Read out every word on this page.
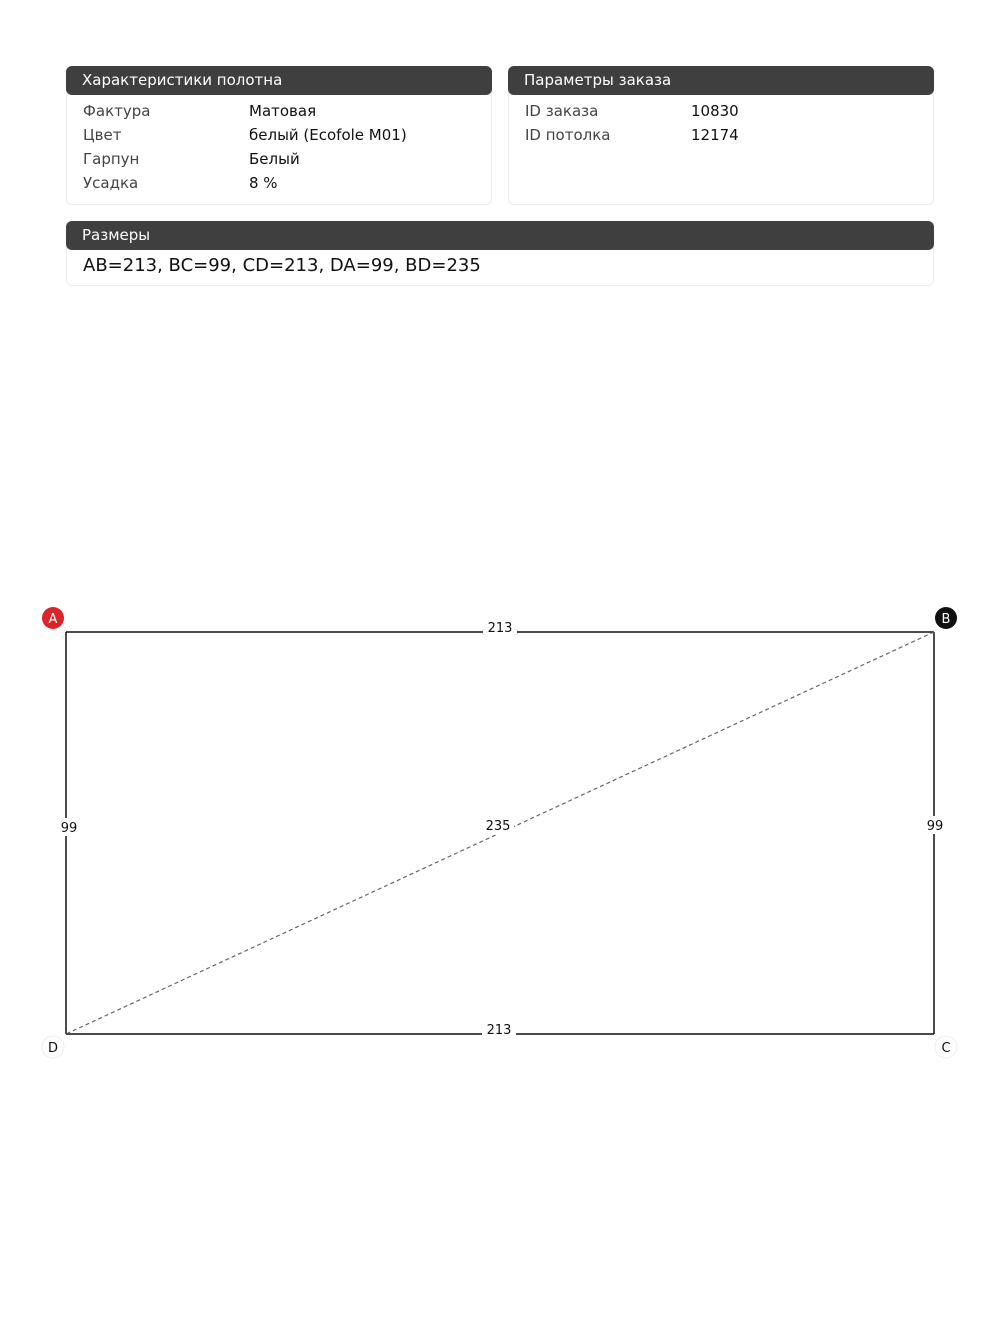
Характеристики полотна
Фактура	Матовая
Цвет	белый (Ecofole M01)
Гарпун	Белый
Усадка	8 %
Параметры заказа
ID заказа	10830
ID потолка	12174
Размеры
AB=213, BC=99, CD=213, DA=99, BD=235
213
99
213
99	235
A	B
C
D
